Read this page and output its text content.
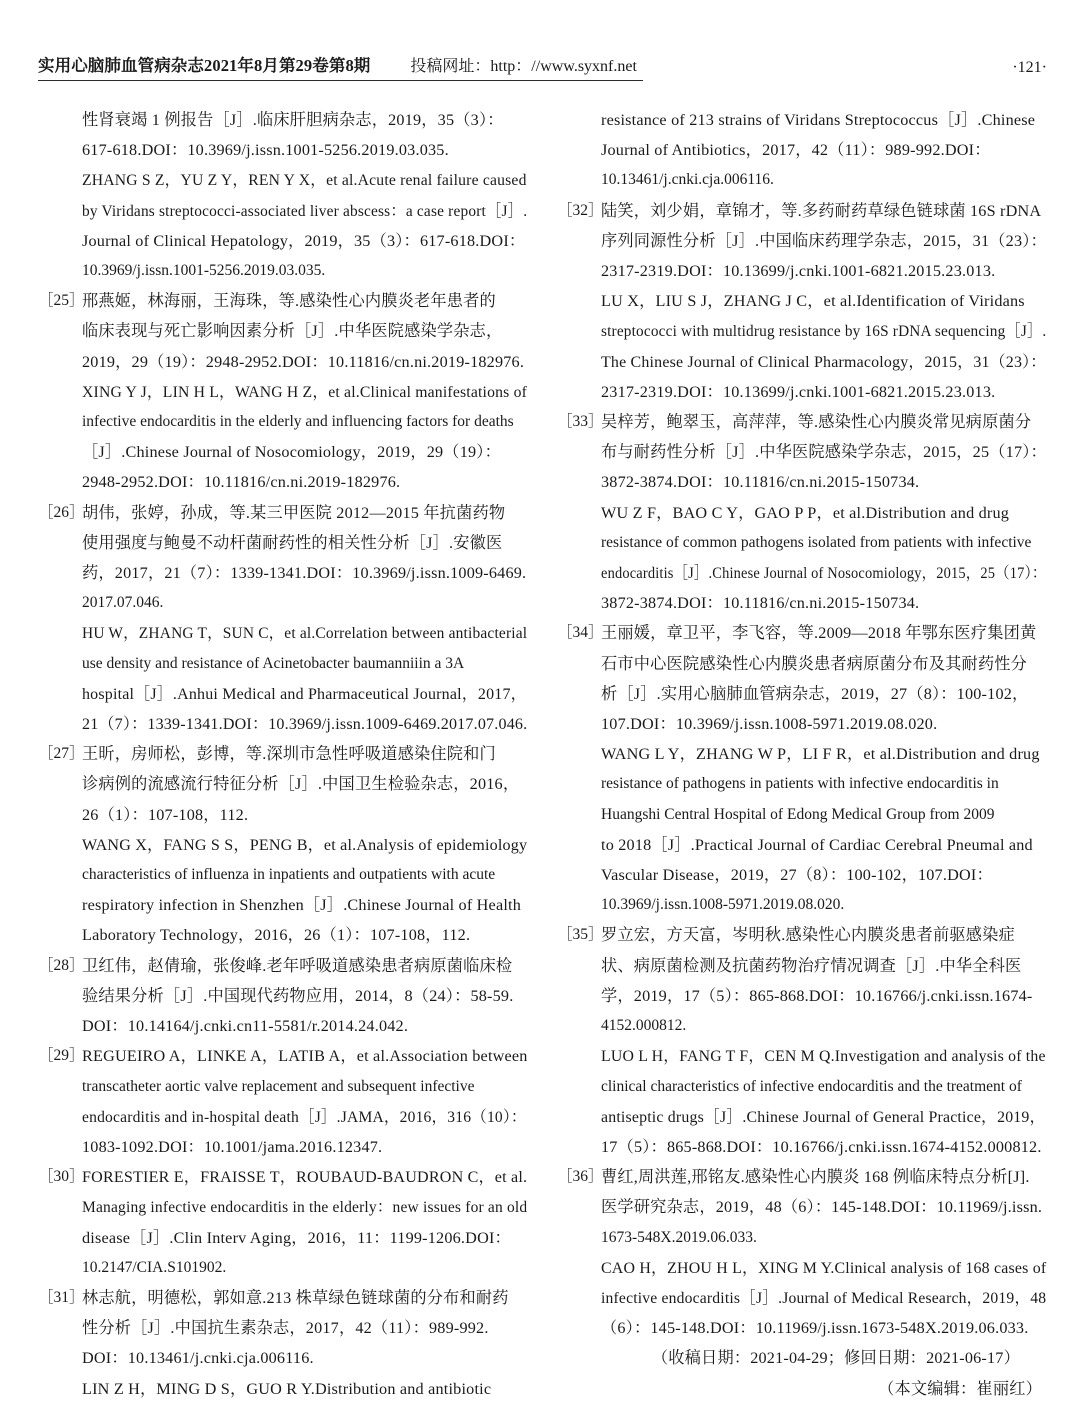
实用心脑肺血管病杂志2021年8月第29卷第8期	投稿网址：http：//www.syxnf.net	·121·
性肾衰竭 1 例报告［J］.临床肝胆病杂志，2019，35（3）：
617-618.DOI：10.3969/j.issn.1001-5256.2019.03.035.
ZHANG S Z，YU Z Y，REN Y X，et al.Acute renal failure causedby Viridans streptococci-associated liver abscess：a case report［J］.
Journal of Clinical Hepatology，2019，35（3）：617-618.DOI：
10.3969/j.issn.1001-5256.2019.03.035.
［25］
邢燕姬，林海丽，王海珠，等.感染性心内膜炎老年患者的
临床表现与死亡影响因素分析［J］.中华医院感染学杂志，
2019，29（19）：2948-2952.DOI：10.11816/cn.ni.2019-182976.
XING Y J，LIN H L，WANG H Z，et al.Clinical manifestations of
infective endocarditis in the elderly and influencing factors for deaths
［J］.Chinese Journal of Nosocomiology，2019，29（19）：
2948-2952.DOI：10.11816/cn.ni.2019-182976.
［26］
胡伟，张婷，孙成，等.某三甲医院 2012—2015 年抗菌药物
使用强度与鲍曼不动杆菌耐药性的相关性分析［J］.安徽医
药，2017，21（7）：1339-1341.DOI：10.3969/j.issn.1009-6469.
2017.07.046.
HU W，ZHANG T，SUN C，et al.Correlation between antibacterial
use density and resistance of Acinetobacter baumanniiin a 3A
hospital［J］.Anhui Medical and Pharmaceutical Journal，2017，21（7）：1339-1341.DOI：10.3969/j.issn.1009-6469.2017.07.046.
［27］
王昕，房师松，彭博，等.深圳市急性呼吸道感染住院和门
诊病例的流感流行特征分析［J］.中国卫生检验杂志，2016，
26（1）：107-108，112.
WANG X，FANG S S，PENG B，et al.Analysis of epidemiology
characteristics of influenza in inpatients and outpatients with acute
respiratory infection in Shenzhen［J］.Chinese Journal of Health
Laboratory Technology，2016，26（1）：107-108，112.
［28］
卫红伟，赵倩瑜，张俊峰.老年呼吸道感染患者病原菌临床检
验结果分析［J］.中国现代药物应用，2014，8（24）：58-59.
DOI：10.14164/j.cnki.cn11-5581/r.2014.24.042.
［29］
REGUEIRO A，LINKE A，LATIB A，et al.Association between
transcatheter aortic valve replacement and subsequent infective
endocarditis and in-hospital death［J］.JAMA，2016，316（10）：
1083-1092.DOI：10.1001/jama.2016.12347.
［30］
FORESTIER E，FRAISSE T，ROUBAUD-BAUDRON C，et al.Managing infective endocarditis in the elderly：new issues for an old
disease［J］.Clin Interv Aging，2016，11：1199-1206.DOI：
10.2147/CIA.S101902.
［31］
林志航，明德松，郭如意.213 株草绿色链球菌的分布和耐药
性分析［J］.中国抗生素杂志，2017，42（11）：989-992.
DOI：10.13461/j.cnki.cja.006116.
LIN Z H，MING D S，GUO R Y.Distribution and antibiotic
resistance of 213 strains of Viridans Streptococcus［J］.Chinese
Journal of Antibiotics，2017，42（11）：989-992.DOI：
10.13461/j.cnki.cja.006116.
［32］
陆笑，刘少娟，章锦才，等.多药耐药草绿色链球菌 16S rDNA
序列同源性分析［J］.中国临床药理学杂志，2015，31（23）：
2317-2319.DOI：10.13699/j.cnki.1001-6821.2015.23.013.
LU X，LIU S J，ZHANG J C，et al.Identification of Viridans
streptococci with multidrug resistance by 16S rDNA sequencing［J］.The Chinese Journal of Clinical Pharmacology，2015，31（23）：
2317-2319.DOI：10.13699/j.cnki.1001-6821.2015.23.013.
［33］
吴梓芳，鲍翠玉，高萍萍，等.感染性心内膜炎常见病原菌分
布与耐药性分析［J］.中华医院感染学杂志，2015，25（17）：
3872-3874.DOI：10.11816/cn.ni.2015-150734.
WU Z F，BAO C Y，GAO P P，et al.Distribution and drug
resistance of common pathogens isolated from patients with infective
endocarditis［J］.Chinese Journal of Nosocomiology，2015，25（17）：
3872-3874.DOI：10.11816/cn.ni.2015-150734.
［34］
王丽媛，章卫平，李飞容，等.2009—2018 年鄂东医疗集团黄
石市中心医院感染性心内膜炎患者病原菌分布及其耐药性分
析［J］.实用心脑肺血管病杂志，2019，27（8）：100-102，
107.DOI：10.3969/j.issn.1008-5971.2019.08.020.
WANG L Y，ZHANG W P，LI F R，et al.Distribution and drug
resistance of pathogens in patients with infective endocarditis in
Huangshi Central Hospital of Edong Medical Group from 2009
to 2018［J］.Practical Journal of Cardiac Cerebral Pneumal and
Vascular Disease，2019，27（8）：100-102，107.DOI：
10.3969/j.issn.1008-5971.2019.08.020.
［35］
罗立宏，方天富，岑明秋.感染性心内膜炎患者前驱感染症
状、病原菌检测及抗菌药物治疗情况调查［J］.中华全科医
学，2019，17（5）：865-868.DOI：10.16766/j.cnki.issn.1674-
4152.000812.
LUO L H，FANG T F，CEN M Q.Investigation and analysis of the
clinical characteristics of infective endocarditis and the treatment of
antiseptic drugs［J］.Chinese Journal of General Practice，2019，
17（5）：865-868.DOI：10.16766/j.cnki.issn.1674-4152.000812.
［36］
曹红,周洪莲,邢铭友.感染性心内膜炎 168 例临床特点分析[J].
医学研究杂志，2019，48（6）：145-148.DOI：10.11969/j.issn.
1673-548X.2019.06.033.
CAO H，ZHOU H L，XING M Y.Clinical analysis of 168 cases ofinfective endocarditis［J］.Journal of Medical Research，2019，48
（6）：145-148.DOI：10.11969/j.issn.1673-548X.2019.06.033.
（收稿日期：2021-04-29；修回日期：2021-06-17）
（本文编辑：崔丽红）
